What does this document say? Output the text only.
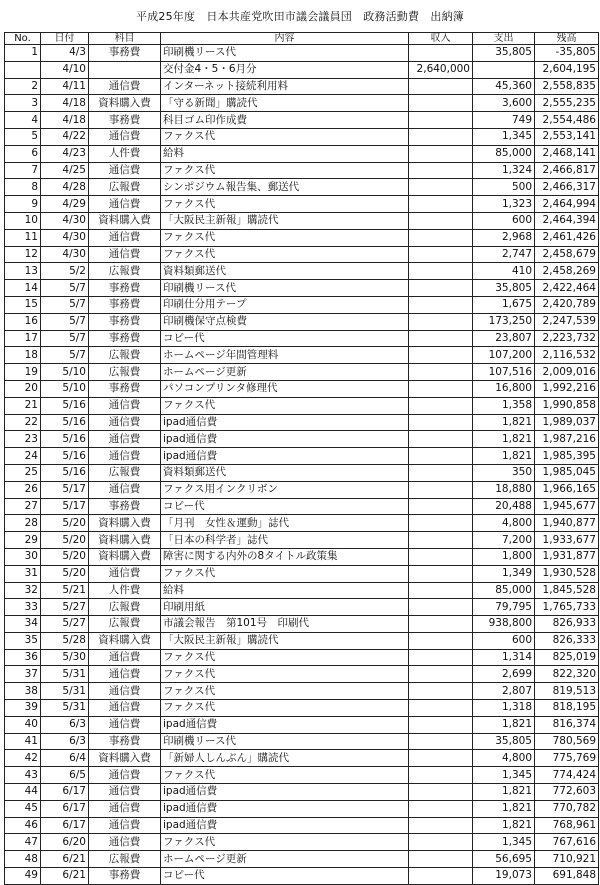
平成25年度　日本共産党吹田市議会議員団　政務活動費　出納簿
No.	日付	科目	内容	収入	支出	残高
1	4/3	事務費	印刷機リース代		35,805	-35,805
	4/10		交付金4・5・6月分	2,640,000		2,604,195
2	4/11	通信費	インターネット接続利用料		45,360	2,558,835
3	4/18	資料購入費	「守る新聞」購読代		3,600	2,555,235
4	4/18	事務費	科目ゴム印作成費		749	2,554,486
5	4/22	通信費	ファクス代		1,345	2,553,141
6	4/23	人件費	給料		85,000	2,468,141
7	4/25	通信費	ファクス代		1,324	2,466,817
8	4/28	広報費	シンポジウム報告集、郵送代		500	2,466,317
9	4/29	通信費	ファクス代		1,323	2,464,994
10	4/30	資料購入費	「大阪民主新報」購読代		600	2,464,394
11	4/30	通信費	ファクス代		2,968	2,461,426
12	4/30	通信費	ファクス代		2,747	2,458,679
13	5/2	広報費	資料類郵送代		410	2,458,269
14	5/7	事務費	印刷機リース代		35,805	2,422,464
15	5/7	事務費	印刷仕分用テープ		1,675	2,420,789
16	5/7	事務費	印刷機保守点検費		173,250	2,247,539
17	5/7	事務費	コピー代		23,807	2,223,732
18	5/7	広報費	ホームページ年間管理料		107,200	2,116,532
19	5/10	広報費	ホームページ更新		107,516	2,009,016
20	5/10	事務費	パソコンプリンタ修理代		16,800	1,992,216
21	5/16	通信費	ファクス代		1,358	1,990,858
22	5/16	通信費	ipad通信費		1,821	1,989,037
23	5/16	通信費	ipad通信費		1,821	1,987,216
24	5/16	通信費	ipad通信費		1,821	1,985,395
25	5/16	広報費	資料類郵送代		350	1,985,045
26	5/17	通信費	ファクス用インクリボン		18,880	1,966,165
27	5/17	事務費	コピー代		20,488	1,945,677
28	5/20	資料購入費	「月刊　女性＆運動」誌代		4,800	1,940,877
29	5/20	資料購入費	「日本の科学者」誌代		7,200	1,933,677
30	5/20	資料購入費	障害に関する内外の8タイトル政策集		1,800	1,931,877
31	5/20	通信費	ファクス代		1,349	1,930,528
32	5/21	人件費	給料		85,000	1,845,528
33	5/27	広報費	印刷用紙		79,795	1,765,733
34	5/27	広報費	市議会報告　第101号　印刷代		938,800	826,933
35	5/28	資料購入費	「大阪民主新報」購読代		600	826,333
36	5/30	通信費	ファクス代		1,314	825,019
37	5/31	通信費	ファクス代		2,699	822,320
38	5/31	通信費	ファクス代		2,807	819,513
39	5/31	通信費	ファクス代		1,318	818,195
40	6/3	通信費	ipad通信費		1,821	816,374
41	6/3	事務費	印刷機リース代		35,805	780,569
42	6/4	資料購入費	「新婦人しんぶん」購読代		4,800	775,769
43	6/5	通信費	ファクス代		1,345	774,424
44	6/17	通信費	ipad通信費		1,821	772,603
45	6/17	通信費	ipad通信費		1,821	770,782
46	6/17	通信費	ipad通信費		1,821	768,961
47	6/20	通信費	ファクス代		1,345	767,616
48	6/21	広報費	ホームページ更新		56,695	710,921
49	6/21	事務費	コピー代		19,073	691,848
